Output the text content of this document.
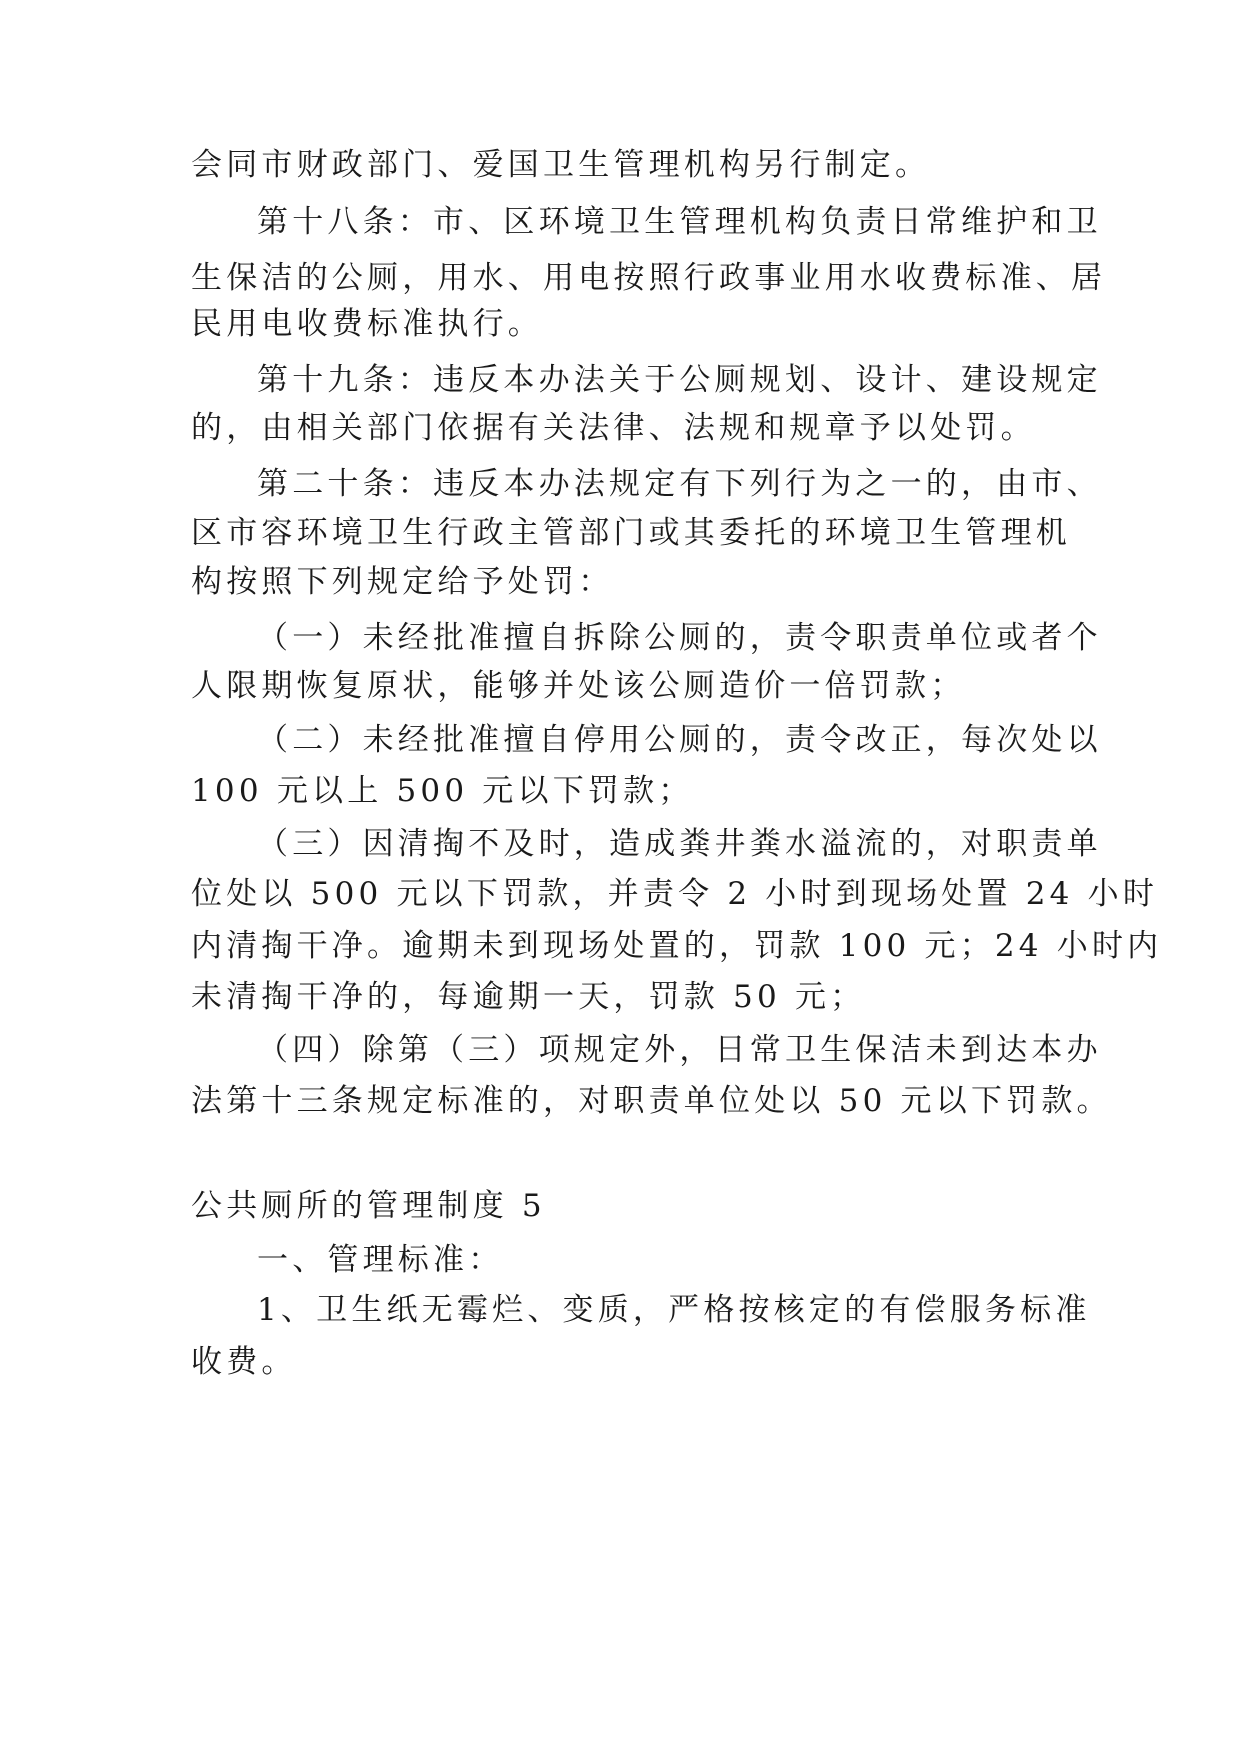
会同市财政部门、爱国卫生管理机构另行制定。
第十八条：市、区环境卫生管理机构负责日常维护和卫
生保洁的公厕，用水、用电按照行政事业用水收费标准、居
民用电收费标准执行。
第十九条：违反本办法关于公厕规划、设计、建设规定
的，由相关部门依据有关法律、法规和规章予以处罚。
第二十条：违反本办法规定有下列行为之一的，由市、
区市容环境卫生行政主管部门或其委托的环境卫生管理机
构按照下列规定给予处罚：
（一）未经批准擅自拆除公厕的，责令职责单位或者个
人限期恢复原状，能够并处该公厕造价一倍罚款；
（二）未经批准擅自停用公厕的，责令改正，每次处以
100 元以上 500 元以下罚款；
（三）因清掏不及时，造成粪井粪水溢流的，对职责单
位处以 500 元以下罚款，并责令 2 小时到现场处置 24 小时
内清掏干净。逾期未到现场处置的，罚款 100 元；24 小时内
未清掏干净的，每逾期一天，罚款 50 元；
（四）除第（三）项规定外，日常卫生保洁未到达本办
法第十三条规定标准的，对职责单位处以 50 元以下罚款。
公共厕所的管理制度 5
一、管理标准：
1、卫生纸无霉烂、变质，严格按核定的有偿服务标准
收费。
